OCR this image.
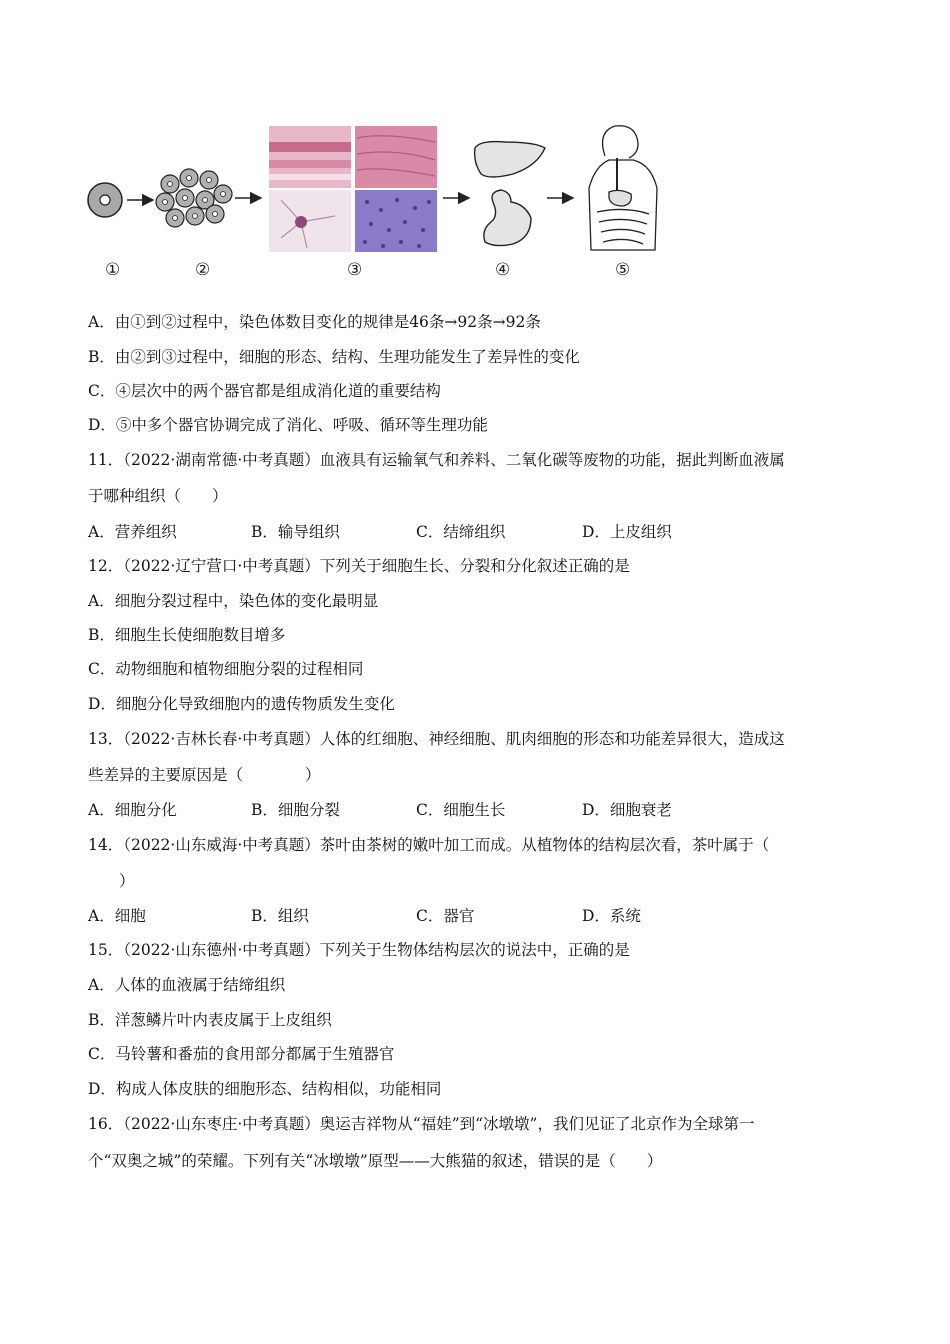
①	②	③	④	⑤
A．由①到②过程中，染色体数目变化的规律是46条→92条→92条
B．由②到③过程中，细胞的形态、结构、生理功能发生了差异性的变化
C．④层次中的两个器官都是组成消化道的重要结构
D．⑤中多个器官协调完成了消化、呼吸、循环等生理功能
11．（2022·湖南常德·中考真题）血液具有运输氧气和养料、二氧化碳等废物的功能，据此判断血液属
于哪种组织（　　）
A．营养组织	B．输导组织	C．结缔组织	D．上皮组织
12．（2022·辽宁营口·中考真题）下列关于细胞生长、分裂和分化叙述正确的是
A．细胞分裂过程中，染色体的变化最明显
B．细胞生长使细胞数目增多
C．动物细胞和植物细胞分裂的过程相同
D．细胞分化导致细胞内的遗传物质发生变化
13．（2022·吉林长春·中考真题）人体的红细胞、神经细胞、肌肉细胞的形态和功能差异很大，造成这
些差异的主要原因是（　　　　）
A．细胞分化	B．细胞分裂	C．细胞生长	D．细胞衰老
14．（2022·山东威海·中考真题）茶叶由茶树的嫩叶加工而成。从植物体的结构层次看，茶叶属于（
　　）
A．细胞	B．组织	C．器官	D．系统
15．（2022·山东德州·中考真题）下列关于生物体结构层次的说法中，正确的是
A．人体的血液属于结缔组织
B．洋葱鳞片叶内表皮属于上皮组织
C．马铃薯和番茄的食用部分都属于生殖器官
D．构成人体皮肤的细胞形态、结构相似，功能相同
16．（2022·山东枣庄·中考真题）奥运吉祥物从“福娃”到“冰墩墩”，我们见证了北京作为全球第一
个“双奥之城”的荣耀。下列有关“冰墩墩”原型——大熊猫的叙述，错误的是（　　）
